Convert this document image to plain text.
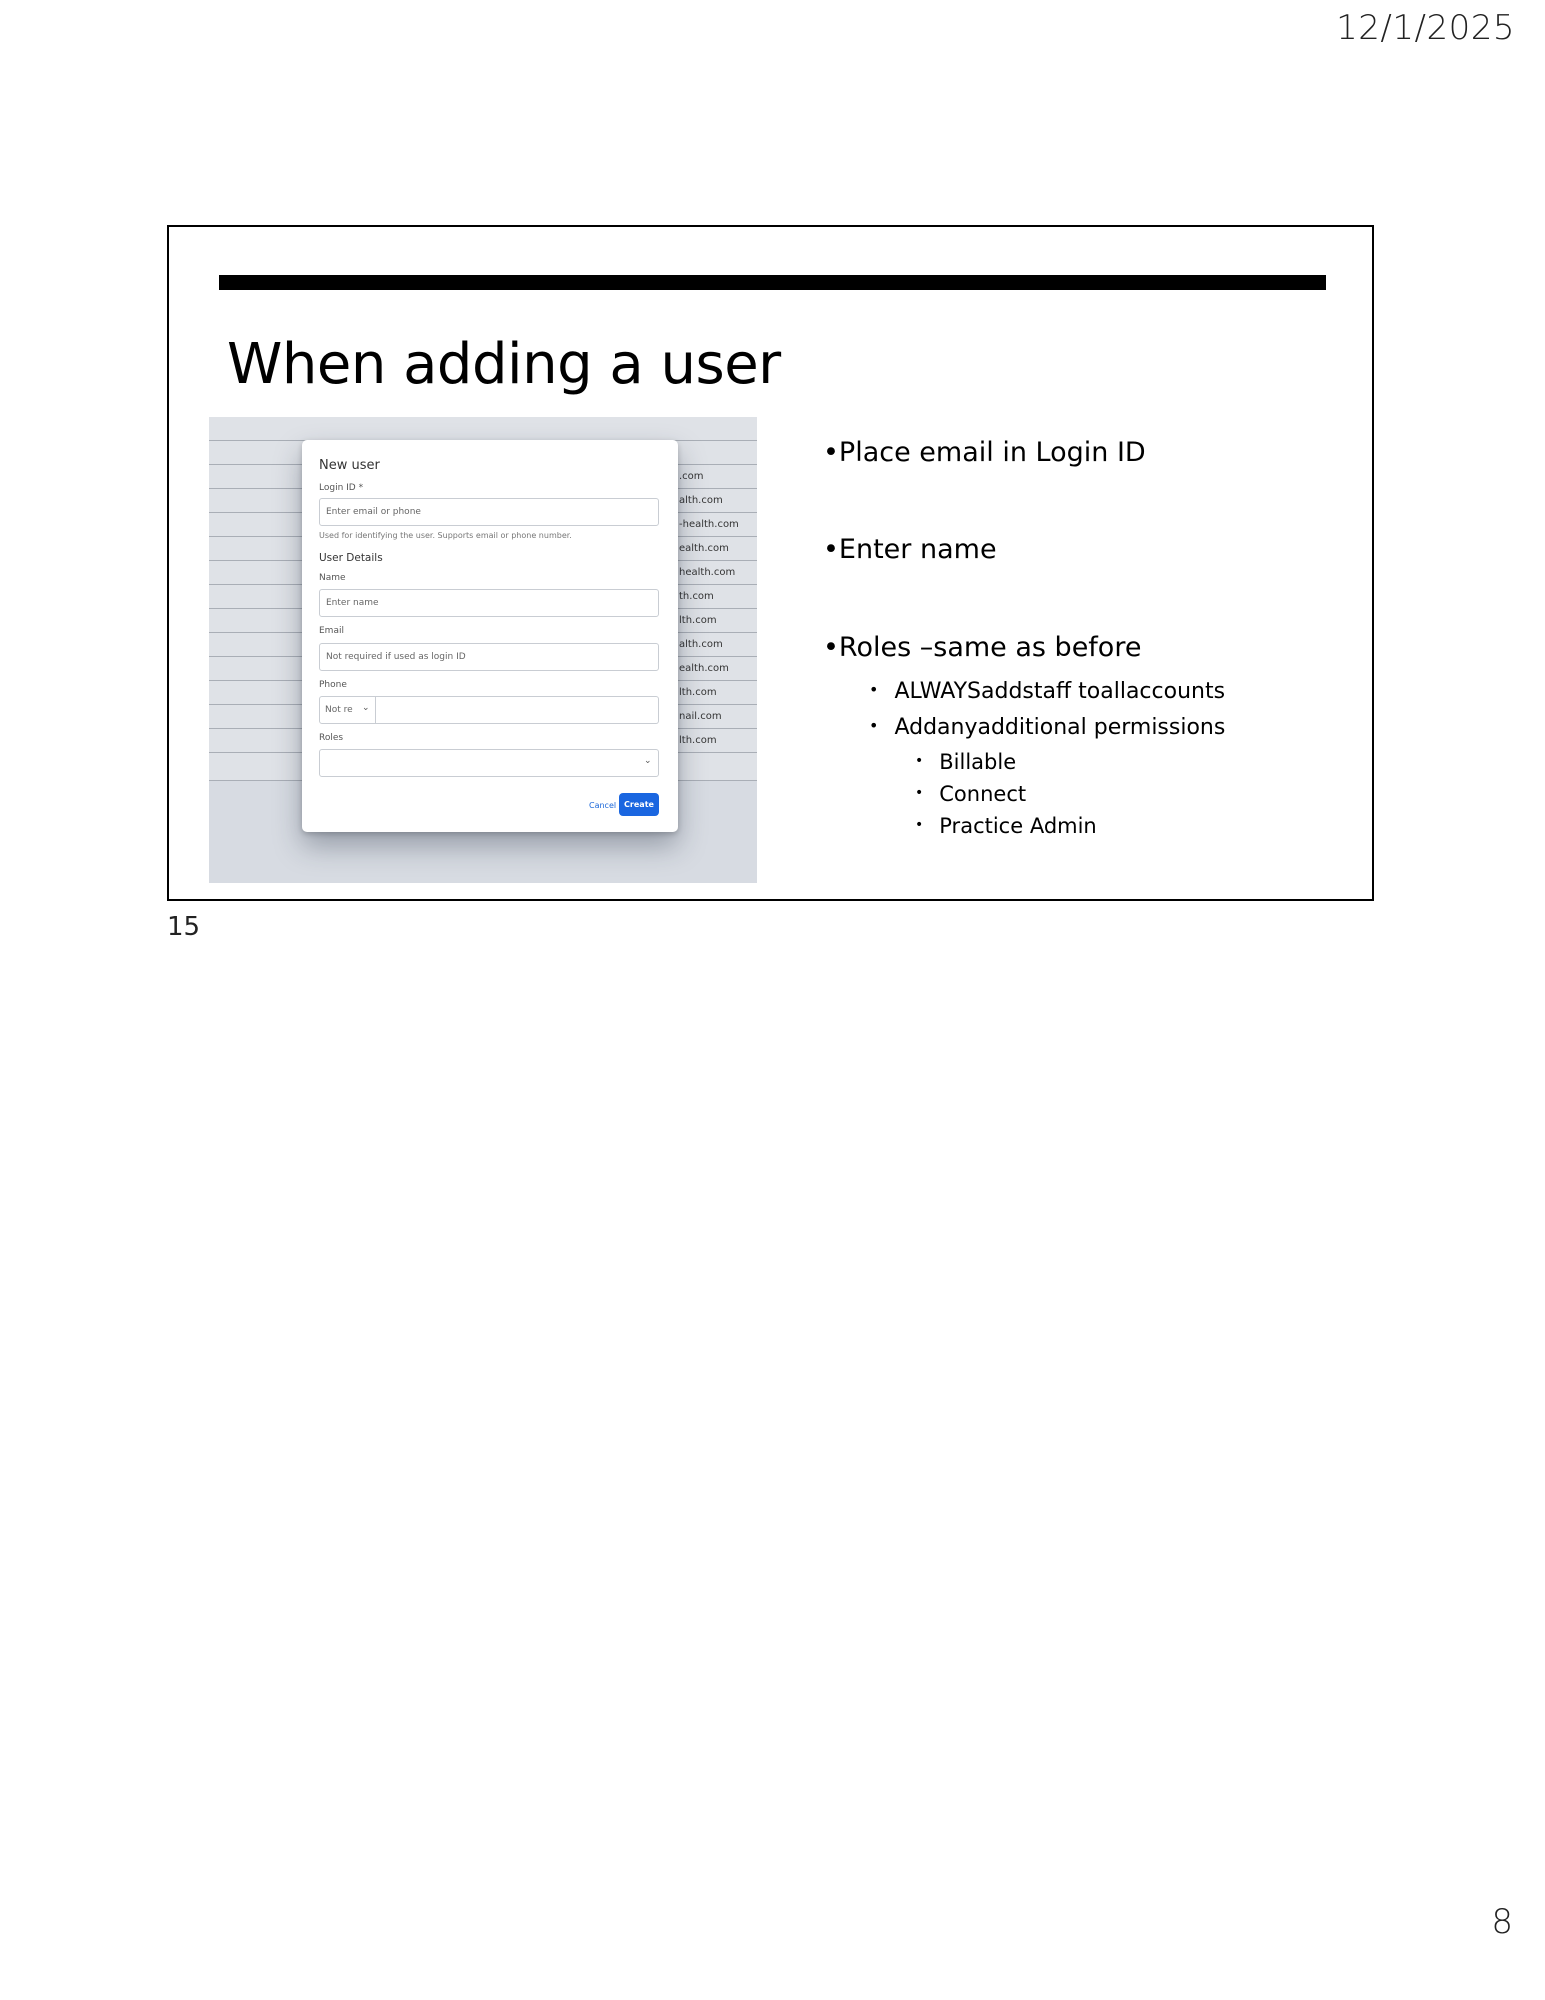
12/1/2025
When adding a user
.com
alth.com
-health.com
ealth.com
health.com
th.com
lth.com
alth.com
ealth.com
lth.com
nail.com
lth.com
New user
Login ID *
Enter email or phone
Used for identifying the user. Supports email or phone number.
User Details
Name
Enter name
Email
Not required if used as login ID
Phone
Not re ⌄
Roles
⌄
Cancel Create
•Place email in Login ID
•Enter name
•Roles –same as before
• ALWAYSaddstaff toallaccounts
• Addanyadditional permissions
• Billable
• Connect
• Practice Admin
15
8
